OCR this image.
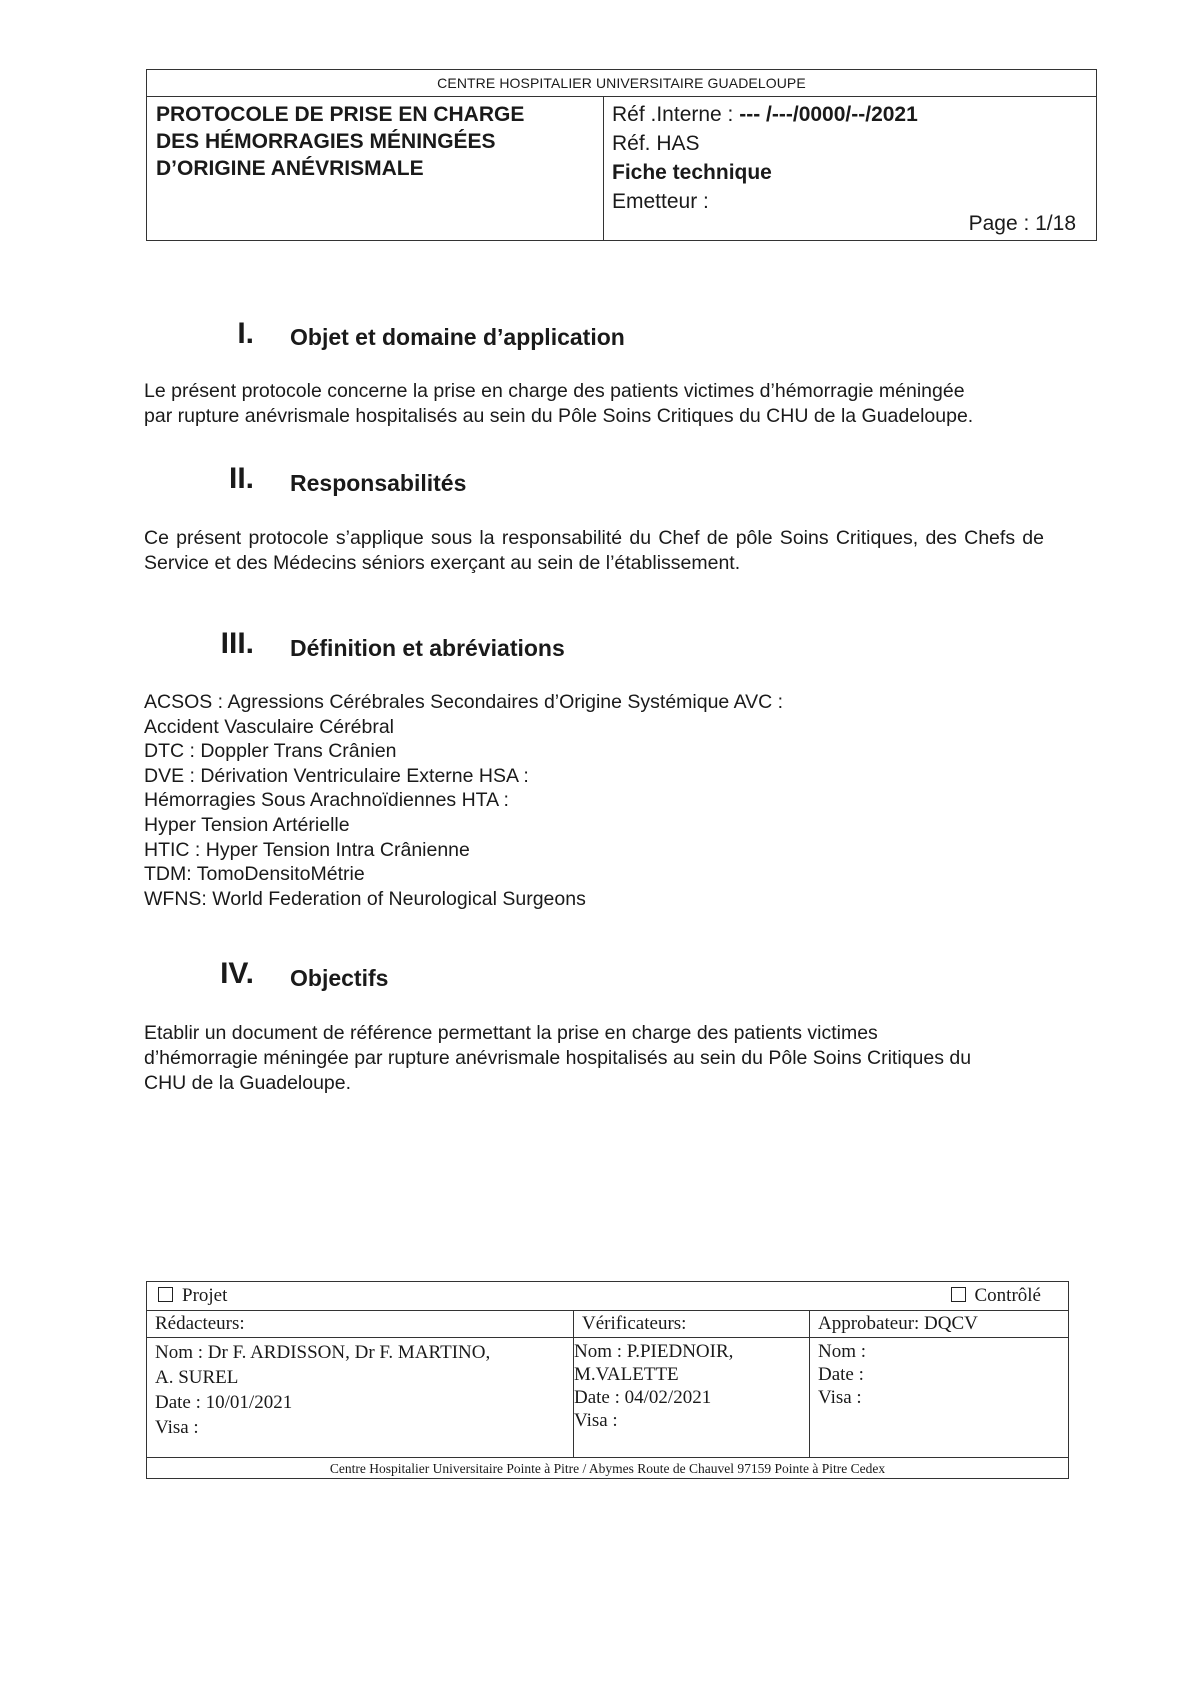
CENTRE HOSPITALIER UNIVERSITAIRE GUADELOUPE
PROTOCOLE DE PRISE EN CHARGE
DES HÉMORRAGIES MÉNINGÉES
D’ORIGINE ANÉVRISMALE
Réf .Interne : --- /---/0000/--/2021
Réf. HAS
Fiche technique
Emetteur :
Page : 1/18
I. Objet et domaine d’application
Le présent protocole concerne la prise en charge des patients victimes d’hémorragie méningée
par rupture anévrismale hospitalisés au sein du Pôle Soins Critiques du CHU de la Guadeloupe.
II. Responsabilités
Ce présent protocole s’applique sous la responsabilité du Chef de pôle Soins Critiques, des Chefs de Service et des Médecins séniors exerçant au sein de l’établissement.
III. Définition et abréviations
ACSOS : Agressions Cérébrales Secondaires d’Origine Systémique AVC :
Accident Vasculaire Cérébral
DTC : Doppler Trans Crânien
DVE : Dérivation Ventriculaire Externe HSA :
Hémorragies Sous Arachnoïdiennes HTA :
Hyper Tension Artérielle
HTIC : Hyper Tension Intra Crânienne
TDM: TomoDensitoMétrie
WFNS: World Federation of Neurological Surgeons
IV. Objectifs
Etablir un document de référence permettant la prise en charge des patients victimes
d’hémorragie méningée par rupture anévrismale hospitalisés au sein du Pôle Soins Critiques du
CHU de la Guadeloupe.
Projet	Contrôlé
Rédacteurs:
Nom : Dr F. ARDISSON, Dr F. MARTINO,
A. SUREL
Date : 10/01/2021
Visa :
Vérificateurs:
Nom : P.PIEDNOIR,
M.VALETTE
Date : 04/02/2021
Visa :
Approbateur: DQCV
Nom :
Date :
Visa :
Centre Hospitalier Universitaire Pointe à Pitre / Abymes Route de Chauvel 97159 Pointe à Pitre Cedex
